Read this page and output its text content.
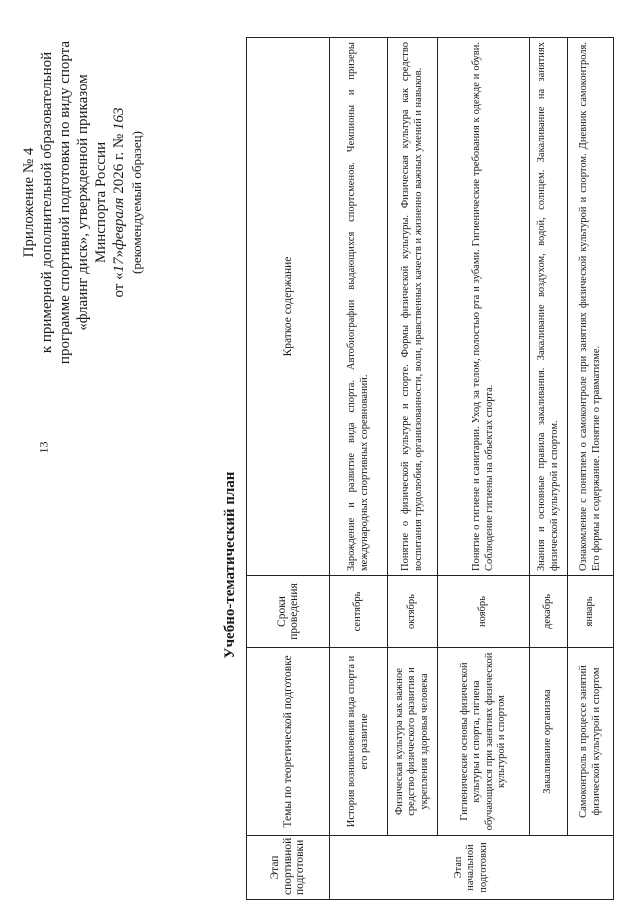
13
Приложение № 4 к примерной дополнительной образовательной программе спортивной подготовки по виду спорта «флаинг диск», утвержденной приказом Минспорта России
от «17»февраля 2026 г. № 163
(рекомендуемый образец)
Учебно-тематический план
Этап спортивной подготовки	Темы по теоретической подготовке	Сроки проведения	Краткое содержание
Этап начальной подготовки	История возникновения вида спорта и его развитие	сентябрь	Зарождение и развитие вида спорта. Автобиографии выдающихся спортсменов. Чемпионы и призеры международных спортивных соревнований.
	Физическая культура как важное средство физического развития и укрепления здоровья человека	октябрь	Понятие о физической культуре и спорте. Формы физической культуры. Физическая культура как средство воспитания трудолюбия, организованности, воли, нравственных качеств и жизненно важных умений и навыков.
	Гигиенические основы физической культуры и спорта, гигиена обучающихся при занятиях физической культурой и спортом	ноябрь	Понятие о гигиене и санитарии. Уход за телом, полостью рта и зубами. Гигиенические требования к одежде и обуви. Соблюдение гигиены на объектах спорта.
	Закаливание организма	декабрь	Знания и основные правила закаливания. Закаливание воздухом, водой, солнцем. Закаливание на занятиях физической культурой и спортом.
	Самоконтроль в процессе занятий физической культурой и спортом	январь	Ознакомление с понятием о самоконтроле при занятиях физической культурой и спортом. Дневник самоконтроля. Его формы и содержание. Понятие о травматизме.
